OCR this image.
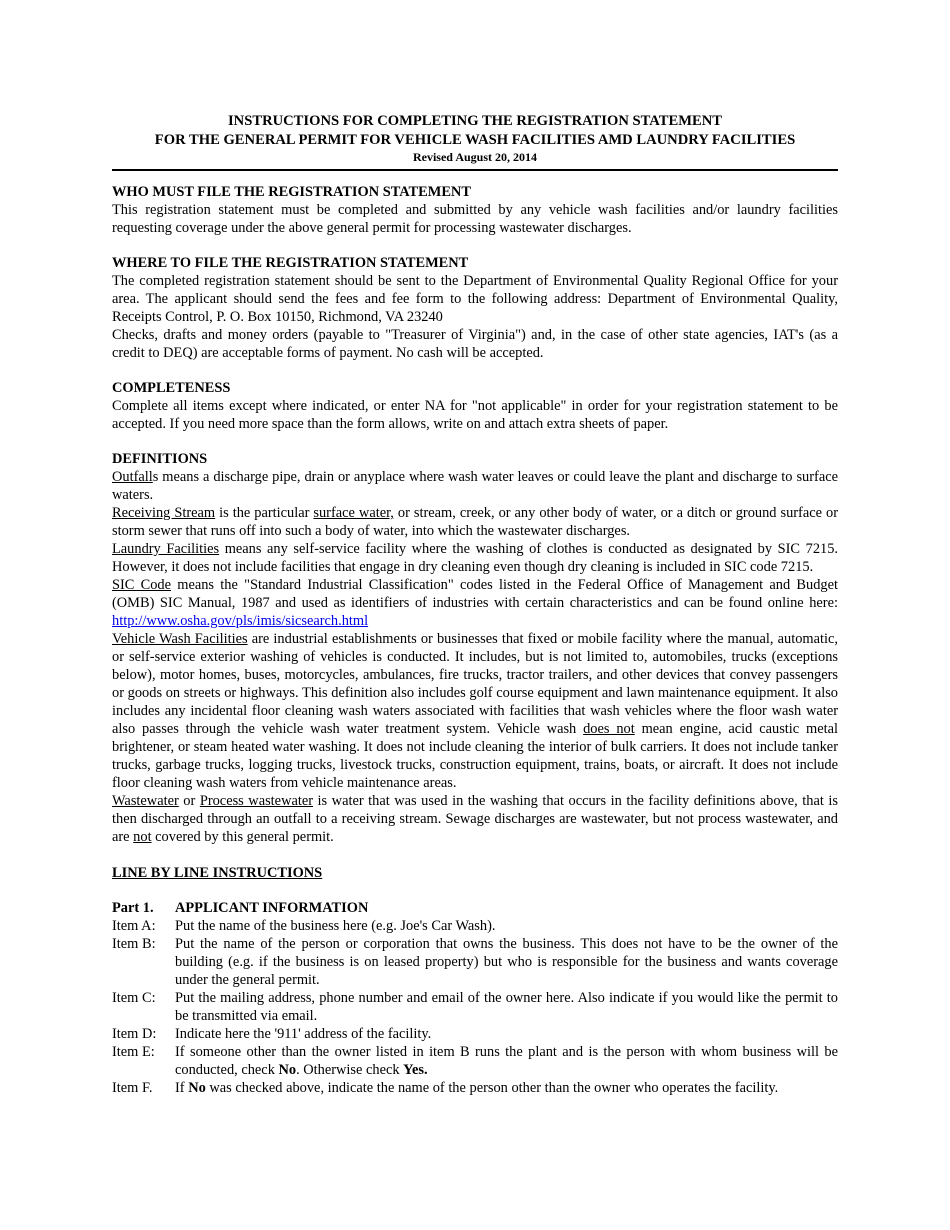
INSTRUCTIONS FOR COMPLETING THE REGISTRATION STATEMENT
FOR THE GENERAL PERMIT FOR VEHICLE WASH FACILITIES AMD LAUNDRY FACILITIES
Revised August 20, 2014
WHO MUST FILE THE REGISTRATION STATEMENT
This registration statement must be completed and submitted by any vehicle wash facilities and/or laundry facilities requesting coverage under the above general permit for processing wastewater discharges.
WHERE TO FILE THE REGISTRATION STATEMENT
The completed registration statement should be sent to the Department of Environmental Quality Regional Office for your area. The applicant should send the fees and fee form to the following address: Department of Environmental Quality, Receipts Control, P. O. Box 10150, Richmond, VA 23240
Checks, drafts and money orders (payable to "Treasurer of Virginia") and, in the case of other state agencies, IAT's (as a credit to DEQ) are acceptable forms of payment. No cash will be accepted.
COMPLETENESS
Complete all items except where indicated, or enter NA for "not applicable" in order for your registration statement to be accepted. If you need more space than the form allows, write on and attach extra sheets of paper.
DEFINITIONS
Outfalls means a discharge pipe, drain or anyplace where wash water leaves or could leave the plant and discharge to surface waters.
Receiving Stream is the particular surface water, or stream, creek, or any other body of water, or a ditch or ground surface or storm sewer that runs off into such a body of water, into which the wastewater discharges.
Laundry Facilities means any self-service facility where the washing of clothes is conducted as designated by SIC 7215. However, it does not include facilities that engage in dry cleaning even though dry cleaning is included in SIC code 7215.
SIC Code means the "Standard Industrial Classification" codes listed in the Federal Office of Management and Budget (OMB) SIC Manual, 1987 and used as identifiers of industries with certain characteristics and can be found online here: http://www.osha.gov/pls/imis/sicsearch.html
Vehicle Wash Facilities are industrial establishments or businesses that fixed or mobile facility where the manual, automatic, or self-service exterior washing of vehicles is conducted. It includes, but is not limited to, automobiles, trucks (exceptions below), motor homes, buses, motorcycles, ambulances, fire trucks, tractor trailers, and other devices that convey passengers or goods on streets or highways. This definition also includes golf course equipment and lawn maintenance equipment. It also includes any incidental floor cleaning wash waters associated with facilities that wash vehicles where the floor wash water also passes through the vehicle wash water treatment system. Vehicle wash does not mean engine, acid caustic metal brightener, or steam heated water washing. It does not include cleaning the interior of bulk carriers. It does not include tanker trucks, garbage trucks, logging trucks, livestock trucks, construction equipment, trains, boats, or aircraft. It does not include floor cleaning wash waters from vehicle maintenance areas.
Wastewater or Process wastewater is water that was used in the washing that occurs in the facility definitions above, that is then discharged through an outfall to a receiving stream. Sewage discharges are wastewater, but not process wastewater, and are not covered by this general permit.
LINE BY LINE INSTRUCTIONS
Part 1.	APPLICANT INFORMATION
Item A:	Put the name of the business here (e.g. Joe's Car Wash).
Item B:	Put the name of the person or corporation that owns the business. This does not have to be the owner of the building (e.g. if the business is on leased property) but who is responsible for the business and wants coverage under the general permit.
Item C:	Put the mailing address, phone number and email of the owner here. Also indicate if you would like the permit to be transmitted via email.
Item D:	Indicate here the '911' address of the facility.
Item E:	If someone other than the owner listed in item B runs the plant and is the person with whom business will be conducted, check No. Otherwise check Yes.
Item F.	If No was checked above, indicate the name of the person other than the owner who operates the facility.
